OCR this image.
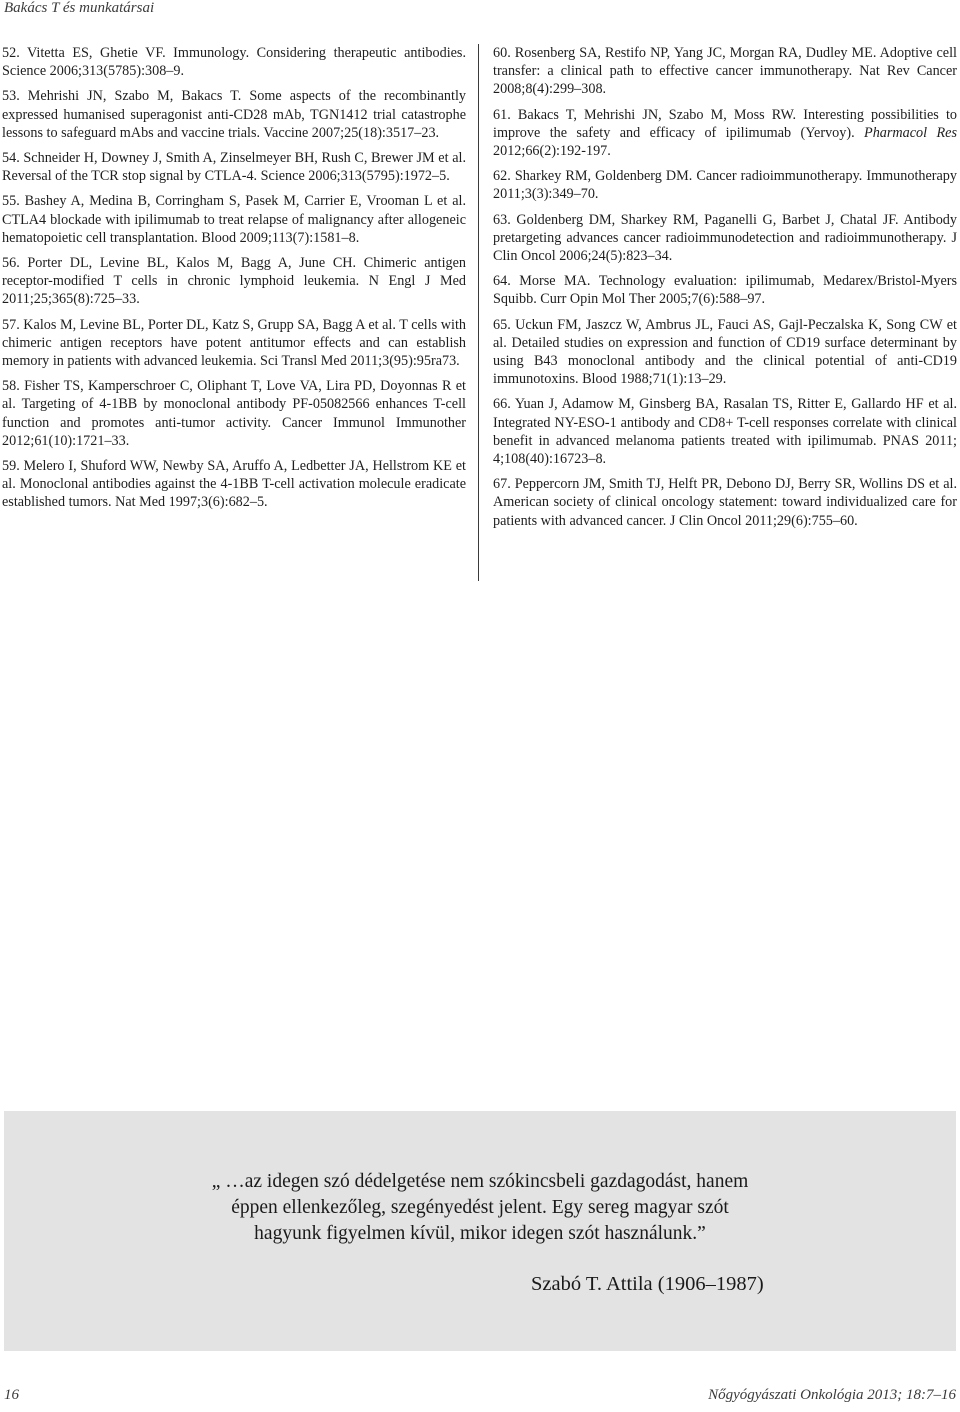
Bakács T és munkatársai

52. Vitetta ES, Ghetie VF. Immunology. Considering therapeutic antibodies. Science 2006;313(5785):308–9.

53. Mehrishi JN, Szabo M, Bakacs T. Some aspects of the recombinantly expressed humanised superagonist anti-CD28 mAb, TGN1412 trial catastrophe lessons to safeguard mAbs and vaccine trials. Vaccine 2007;25(18):3517–23.

54. Schneider H, Downey J, Smith A, Zinselmeyer BH, Rush C, Brewer JM et al. Reversal of the TCR stop signal by CTLA-4. Science 2006;313(5795):1972–5.

55. Bashey A, Medina B, Corringham S, Pasek M, Carrier E, Vrooman L et al. CTLA4 blockade with ipilimumab to treat relapse of malignancy after allogeneic hematopoietic cell transplantation. Blood 2009;113(7):1581–8.

56. Porter DL, Levine BL, Kalos M, Bagg A, June CH. Chimeric antigen receptor-modified T cells in chronic lymphoid leukemia. N Engl J Med 2011;25;365(8):725–33.

57. Kalos M, Levine BL, Porter DL, Katz S, Grupp SA, Bagg A et al. T cells with chimeric antigen receptors have potent antitumor effects and can establish memory in patients with advanced leukemia. Sci Transl Med 2011;3(95):95ra73.

58. Fisher TS, Kamperschroer C, Oliphant T, Love VA, Lira PD, Doyonnas R et al. Targeting of 4-1BB by monoclonal antibody PF-05082566 enhances T-cell function and promotes anti-tumor activity. Cancer Immunol Immunother 2012;61(10):1721–33.

59. Melero I, Shuford WW, Newby SA, Aruffo A, Ledbetter JA, Hellstrom KE et al. Monoclonal antibodies against the 4-1BB T-cell activation molecule eradicate established tumors. Nat Med 1997;3(6):682–5.

60. Rosenberg SA, Restifo NP, Yang JC, Morgan RA, Dudley ME. Adoptive cell transfer: a clinical path to effective cancer immunotherapy. Nat Rev Cancer 2008;8(4):299–308.

61. Bakacs T, Mehrishi JN, Szabo M, Moss RW. Interesting possibilities to improve the safety and efficacy of ipilimumab (Yervoy). Pharmacol Res 2012;66(2):192-197.

62. Sharkey RM, Goldenberg DM. Cancer radioimmunotherapy. Immunotherapy 2011;3(3):349–70.

63. Goldenberg DM, Sharkey RM, Paganelli G, Barbet J, Chatal JF. Antibody pretargeting advances cancer radioimmunodetection and radioimmunotherapy. J Clin Oncol 2006;24(5):823–34.

64. Morse MA. Technology evaluation: ipilimumab, Medarex/Bristol-Myers Squibb. Curr Opin Mol Ther 2005;7(6):588–97.

65. Uckun FM, Jaszcz W, Ambrus JL, Fauci AS, Gajl-Peczalska K, Song CW et al. Detailed studies on expression and function of CD19 surface determinant by using B43 monoclonal antibody and the clinical potential of anti-CD19 immunotoxins. Blood 1988;71(1):13–29.

66. Yuan J, Adamow M, Ginsberg BA, Rasalan TS, Ritter E, Gallardo HF et al. Integrated NY-ESO-1 antibody and CD8+ T-cell responses correlate with clinical benefit in advanced melanoma patients treated with ipilimumab. PNAS 2011; 4;108(40):16723–8.

67. Peppercorn JM, Smith TJ, Helft PR, Debono DJ, Berry SR, Wollins DS et al. American society of clinical oncology statement: toward individualized care for patients with advanced cancer. J Clin Oncol 2011;29(6):755–60.

„ …az idegen szó dédelgetése nem szókincsbeli gazdagodást, hanem
éppen ellenkezőleg, szegényedést jelent. Egy sereg magyar szót
hagyunk figyelmen kívül, mikor idegen szót használunk.”
Szabó T. Attila (1906–1987)
16	Nőgyógyászati Onkológia 2013; 18:7–16
